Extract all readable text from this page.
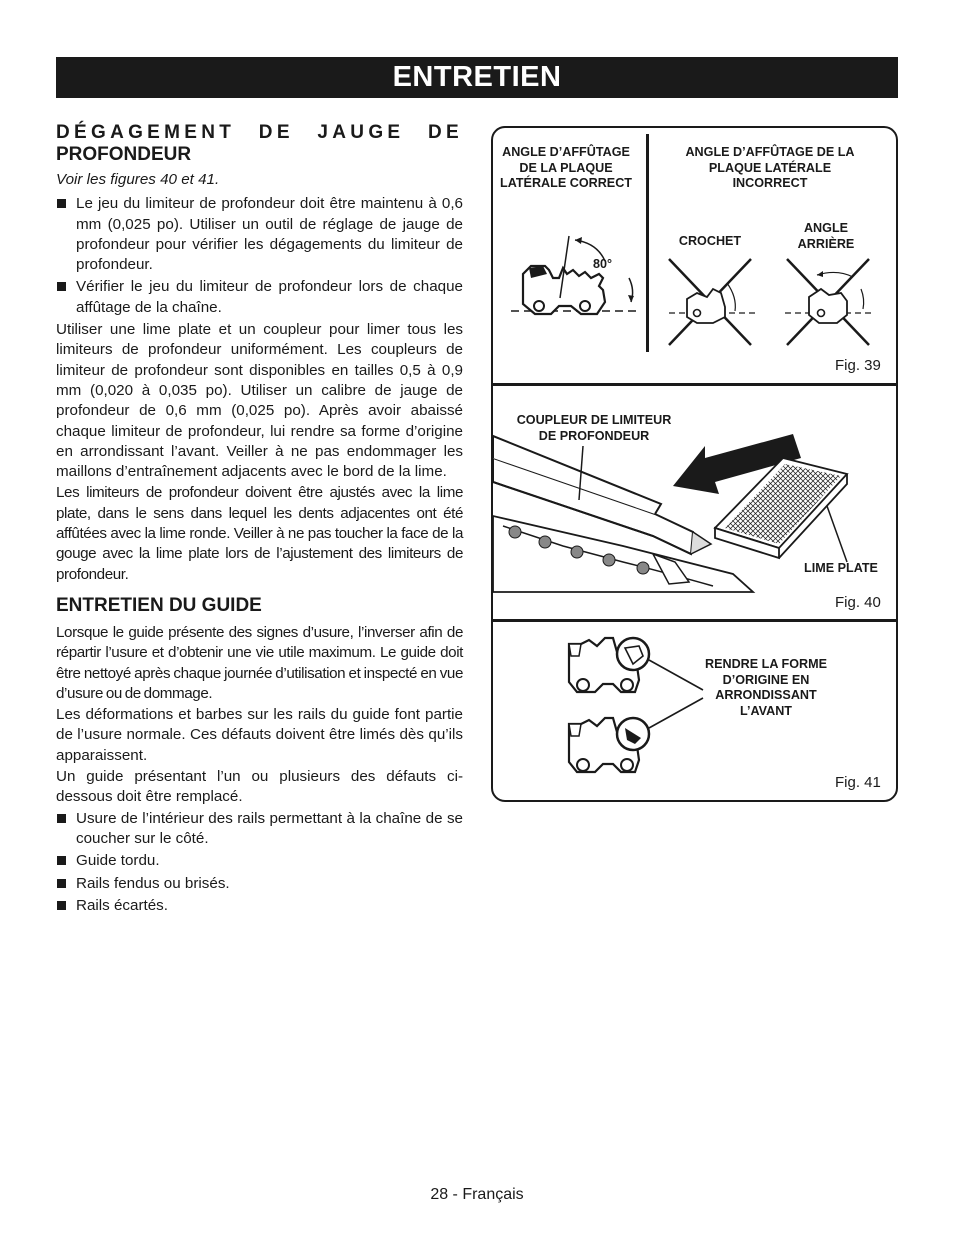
ENTRETIEN
DÉGAGEMENT DE JAUGE DE
PROFONDEUR
Voir les figures 40 et 41.
Le jeu du limiteur de profondeur doit être maintenu à 0,6 mm (0,025 po). Utiliser un outil de réglage de jauge de profondeur pour vérifier les dégagements du limiteur de profondeur.
Vérifier le jeu du limiteur de profondeur lors de chaque affûtage de la chaîne.

Utiliser une lime plate et un coupleur pour limer tous les limiteurs de profondeur uniformément. Les coupleurs de limiteur de profondeur sont disponibles en tailles 0,5 à 0,9 mm (0,020 à 0,035 po). Utiliser un calibre de jauge de profondeur de 0,6 mm (0,025 po). Après avoir abaissé chaque limiteur de profondeur, lui rendre sa forme d’origine en arrondissant l’avant. Veiller à ne pas endommager les maillons d’entraînement adjacents avec le bord de la lime.

Les limiteurs de profondeur doivent être ajustés avec la lime plate, dans le sens dans lequel les dents adjacentes ont été affûtées avec la lime ronde. Veiller à ne pas toucher la face de la gouge avec la lime plate lors de l’ajustement des limiteurs de profondeur.

ENTRETIEN DU GUIDE

Lorsque le guide présente des signes d’usure, l’inverser afin de répartir l’usure et d’obtenir une vie utile maximum. Le guide doit être nettoyé après chaque journée d’utilisation et inspecté en vue d’usure ou de dommage.

Les déformations et barbes sur les rails du guide font partie de l’usure normale. Ces défauts doivent être limés dès qu’ils apparaissent.

Un guide présentant l’un ou plusieurs des défauts ci-dessous doit être remplacé.

Usure de l’intérieur des rails permettant à la chaîne de se coucher sur le côté.
Guide tordu.
Rails fendus ou brisés.
Rails écartés.
ANGLE D’AFFÛTAGE DE LA PLAQUE LATÉRALE CORRECT
ANGLE D’AFFÛTAGE DE LA PLAQUE LATÉRALE INCORRECT
80°
CROCHET
ANGLE ARRIÈRE
Fig. 39
COUPLEUR DE LIMITEUR DE PROFONDEUR
LIME PLATE
Fig. 40
RENDRE LA FORME D’ORIGINE EN ARRONDISSANT L’AVANT
Fig. 41
28 - Français
